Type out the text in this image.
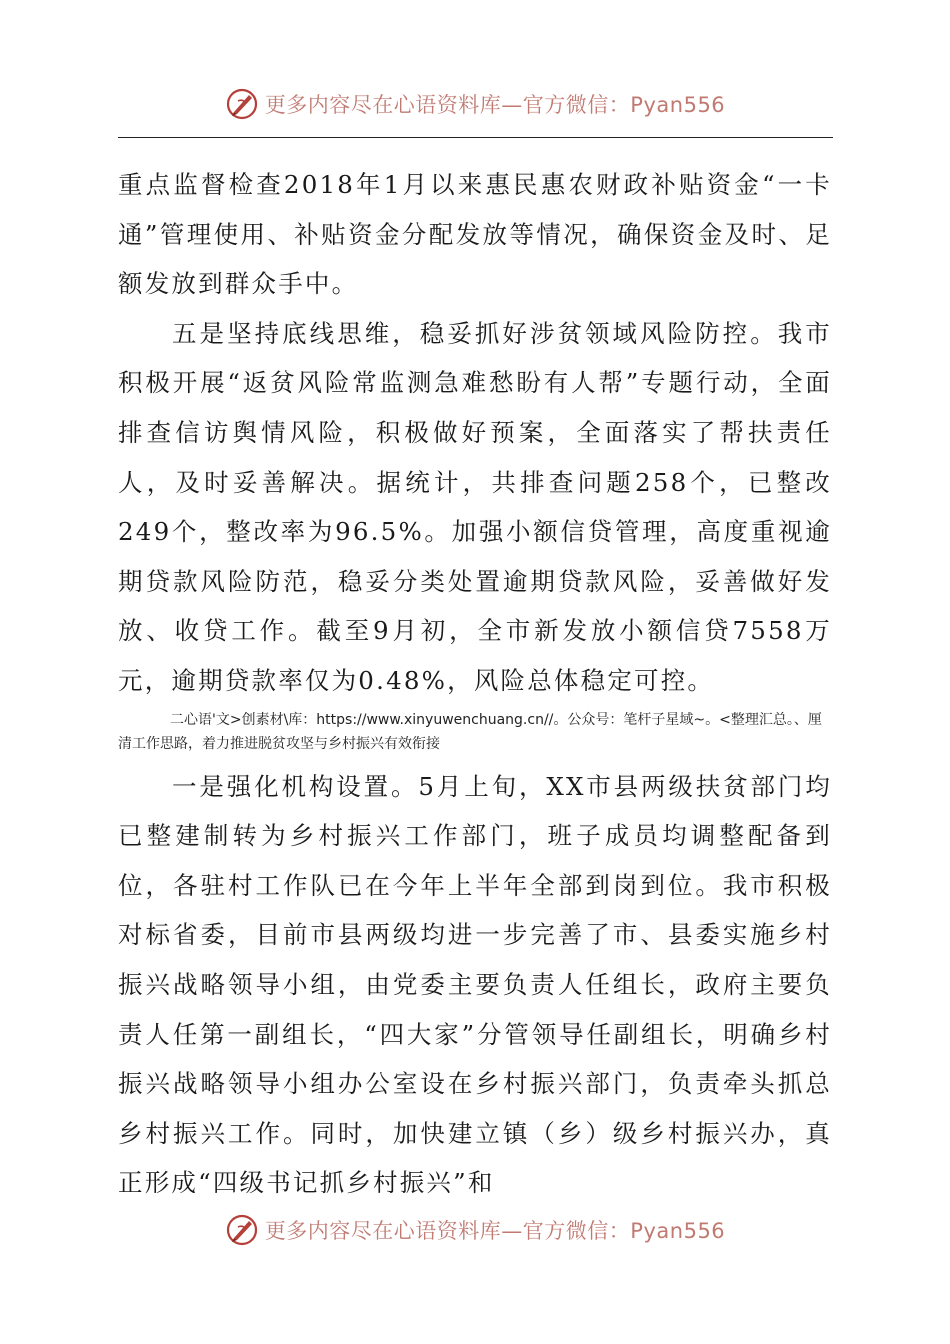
更多内容尽在心语资料库—官方微信：Pyan556

重点监督检查2018年1月以来惠民惠农财政补贴资金“一卡通”管理使用、补贴资金分配发放等情况，确保资金及时、足额发放到群众手中。

五是坚持底线思维，稳妥抓好涉贫领域风险防控。我市积极开展“返贫风险常监测急难愁盼有人帮”专题行动，全面排查信访舆情风险，积极做好预案，全面落实了帮扶责任人，及时妥善解决。据统计，共排查问题258个，已整改249个，整改率为96.5%。加强小额信贷管理，高度重视逾期贷款风险防范，稳妥分类处置逾期贷款风险，妥善做好发放、收贷工作。截至9月初，全市新发放小额信贷7558万元，逾期贷款率仅为0.48%，风险总体稳定可控。

二心语'文>创素材\库：https://www.xinyuwenchuang.cn//。公众号：笔杆子星域~。<整理汇总。、厘清工作思路，着力推进脱贫攻坚与乡村振兴有效衔接

一是强化机构设置。5月上旬，XX市县两级扶贫部门均已整建制转为乡村振兴工作部门，班子成员均调整配备到位，各驻村工作队已在今年上半年全部到岗到位。我市积极对标省委，目前市县两级均进一步完善了市、县委实施乡村振兴战略领导小组，由党委主要负责人任组长，政府主要负责人任第一副组长，“四大家”分管领导任副组长，明确乡村振兴战略领导小组办公室设在乡村振兴部门，负责牵头抓总乡村振兴工作。同时，加快建立镇（乡）级乡村振兴办，真正形成“四级书记抓乡村振兴”和

更多内容尽在心语资料库—官方微信：Pyan556
